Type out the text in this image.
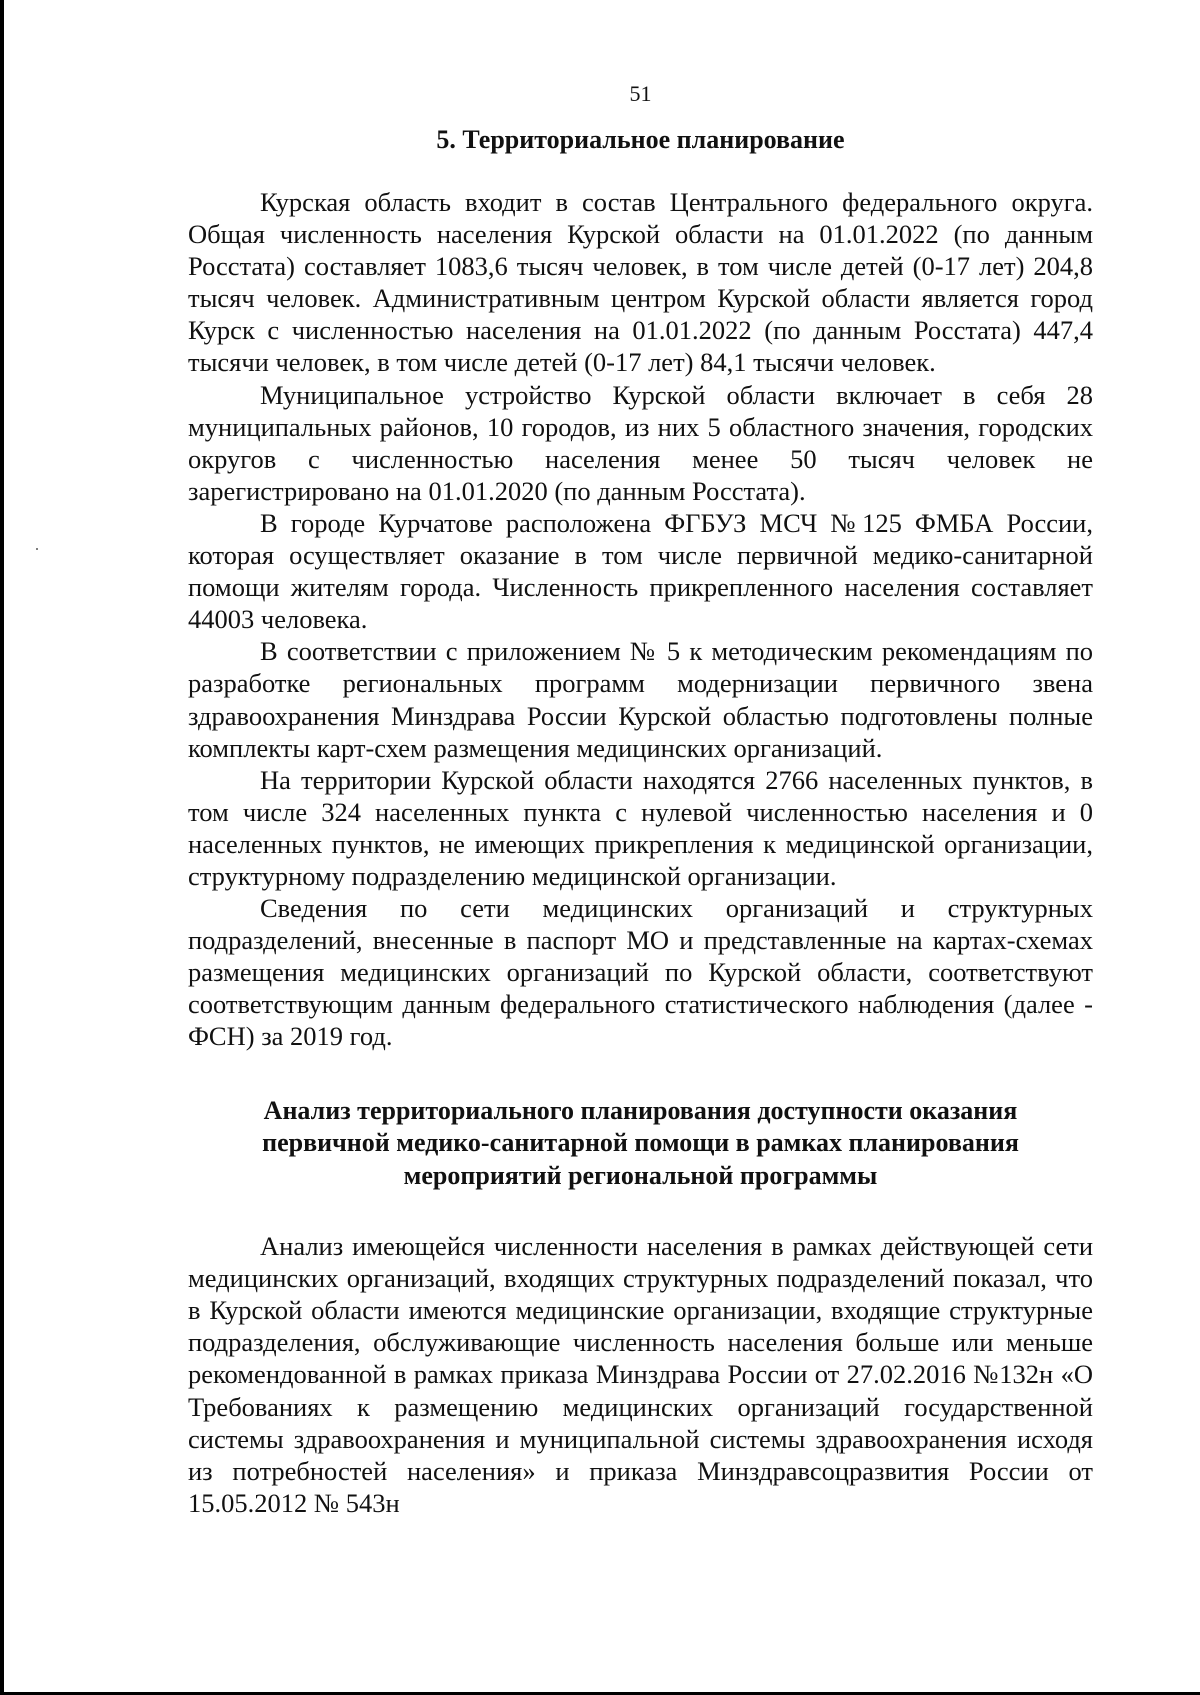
51
5. Территориальное планирование

Курская область входит в состав Центрального федерального округа. Общая численность населения Курской области на 01.01.2022 (по данным Росстата) составляет 1083,6 тысяч человек, в том числе детей (0-17 лет) 204,8 тысяч человек. Административным центром Курской области является город Курск с численностью населения на 01.01.2022 (по данным Росстата) 447,4 тысячи человек, в том числе детей (0-17 лет) 84,1 тысячи человек.

Муниципальное устройство Курской области включает в себя 28 муниципальных районов, 10 городов, из них 5 областного значения, городских округов с численностью населения менее 50 тысяч человек не зарегистрировано на 01.01.2020 (по данным Росстата).

В городе Курчатове расположена ФГБУЗ МСЧ №125 ФМБА России, которая осуществляет оказание в том числе первичной медико-санитарной помощи жителям города. Численность прикрепленного населения составляет 44003 человека.

В соответствии с приложением № 5 к методическим рекомендациям по разработке региональных программ модернизации первичного звена здравоохранения Минздрава России Курской областью подготовлены полные комплекты карт-схем размещения медицинских организаций.

На территории Курской области находятся 2766 населенных пунктов, в том числе 324 населенных пункта с нулевой численностью населения и 0 населенных пунктов, не имеющих прикрепления к медицинской организации, структурному подразделению медицинской организации.

Сведения по сети медицинских организаций и структурных подразделений, внесенные в паспорт МО и представленные на картах-схемах размещения медицинских организаций по Курской области, соответствуют соответствующим данным федерального статистического наблюдения (далее - ФСН) за 2019 год.

Анализ территориального планирования доступности оказания
первичной медико-санитарной помощи в рамках планирования
мероприятий региональной программы

Анализ имеющейся численности населения в рамках действующей сети медицинских организаций, входящих структурных подразделений показал, что в Курской области имеются медицинские организации, входящие структурные подразделения, обслуживающие численность населения больше или меньше рекомендованной в рамках приказа Минздрава России от 27.02.2016 №132н «О Требованиях к размещению медицинских организаций государственной системы здравоохранения и муниципальной системы здравоохранения исходя из потребностей населения» и приказа Минздравсоцразвития России от 15.05.2012 № 543н
